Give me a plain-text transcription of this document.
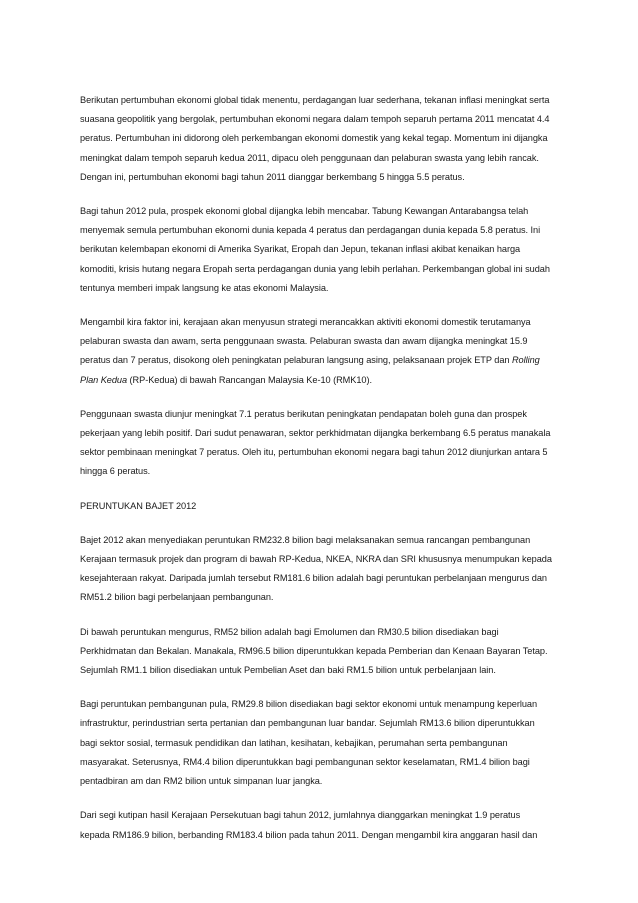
Berikutan pertumbuhan ekonomi global tidak menentu, perdagangan luar sederhana, tekanan inflasi meningkat serta
suasana geopolitik yang bergolak, pertumbuhan ekonomi negara dalam tempoh separuh pertama 2011 mencatat 4.4
peratus. Pertumbuhan ini didorong oleh perkembangan ekonomi domestik yang kekal tegap. Momentum ini dijangka
meningkat dalam tempoh separuh kedua 2011, dipacu oleh penggunaan dan pelaburan swasta yang lebih rancak.
Dengan ini, pertumbuhan ekonomi bagi tahun 2011 dianggar berkembang 5 hingga 5.5 peratus.

Bagi tahun 2012 pula, prospek ekonomi global dijangka lebih mencabar. Tabung Kewangan Antarabangsa telah
menyemak semula pertumbuhan ekonomi dunia kepada 4 peratus dan perdagangan dunia kepada 5.8 peratus. Ini
berikutan kelembapan ekonomi di Amerika Syarikat, Eropah dan Jepun, tekanan inflasi akibat kenaikan harga
komoditi, krisis hutang negara Eropah serta perdagangan dunia yang lebih perlahan. Perkembangan global ini sudah
tentunya memberi impak langsung ke atas ekonomi Malaysia.

Mengambil kira faktor ini, kerajaan akan menyusun strategi merancakkan aktiviti ekonomi domestik terutamanya
pelaburan swasta dan awam, serta penggunaan swasta. Pelaburan swasta dan awam dijangka meningkat 15.9
peratus dan 7 peratus, disokong oleh peningkatan pelaburan langsung asing, pelaksanaan projek ETP dan Rolling
Plan Kedua (RP-Kedua) di bawah Rancangan Malaysia Ke-10 (RMK10).

Penggunaan swasta diunjur meningkat 7.1 peratus berikutan peningkatan pendapatan boleh guna dan prospek
pekerjaan yang lebih positif. Dari sudut penawaran, sektor perkhidmatan dijangka berkembang 6.5 peratus manakala
sektor pembinaan meningkat 7 peratus. Oleh itu, pertumbuhan ekonomi negara bagi tahun 2012 diunjurkan antara 5
hingga 6 peratus.

PERUNTUKAN BAJET 2012

Bajet 2012 akan menyediakan peruntukan RM232.8 bilion bagi melaksanakan semua rancangan pembangunan
Kerajaan termasuk projek dan program di bawah RP-Kedua, NKEA, NKRA dan SRI khususnya menumpukan kepada
kesejahteraan rakyat. Daripada jumlah tersebut RM181.6 bilion adalah bagi peruntukan perbelanjaan mengurus dan
RM51.2 bilion bagi perbelanjaan pembangunan.

Di bawah peruntukan mengurus, RM52 bilion adalah bagi Emolumen dan RM30.5 bilion disediakan bagi
Perkhidmatan dan Bekalan. Manakala, RM96.5 bilion diperuntukkan kepada Pemberian dan Kenaan Bayaran Tetap.
Sejumlah RM1.1 bilion disediakan untuk Pembelian Aset dan baki RM1.5 bilion untuk perbelanjaan lain.

Bagi peruntukan pembangunan pula, RM29.8 bilion disediakan bagi sektor ekonomi untuk menampung keperluan
infrastruktur, perindustrian serta pertanian dan pembangunan luar bandar. Sejumlah RM13.6 bilion diperuntukkan
bagi sektor sosial, termasuk pendidikan dan latihan, kesihatan, kebajikan, perumahan serta pembangunan
masyarakat. Seterusnya, RM4.4 bilion diperuntukkan bagi pembangunan sektor keselamatan, RM1.4 bilion bagi
pentadbiran am dan RM2 bilion untuk simpanan luar jangka.

Dari segi kutipan hasil Kerajaan Persekutuan bagi tahun 2012, jumlahnya dianggarkan meningkat 1.9 peratus
kepada RM186.9 bilion, berbanding RM183.4 bilion pada tahun 2011. Dengan mengambil kira anggaran hasil dan
